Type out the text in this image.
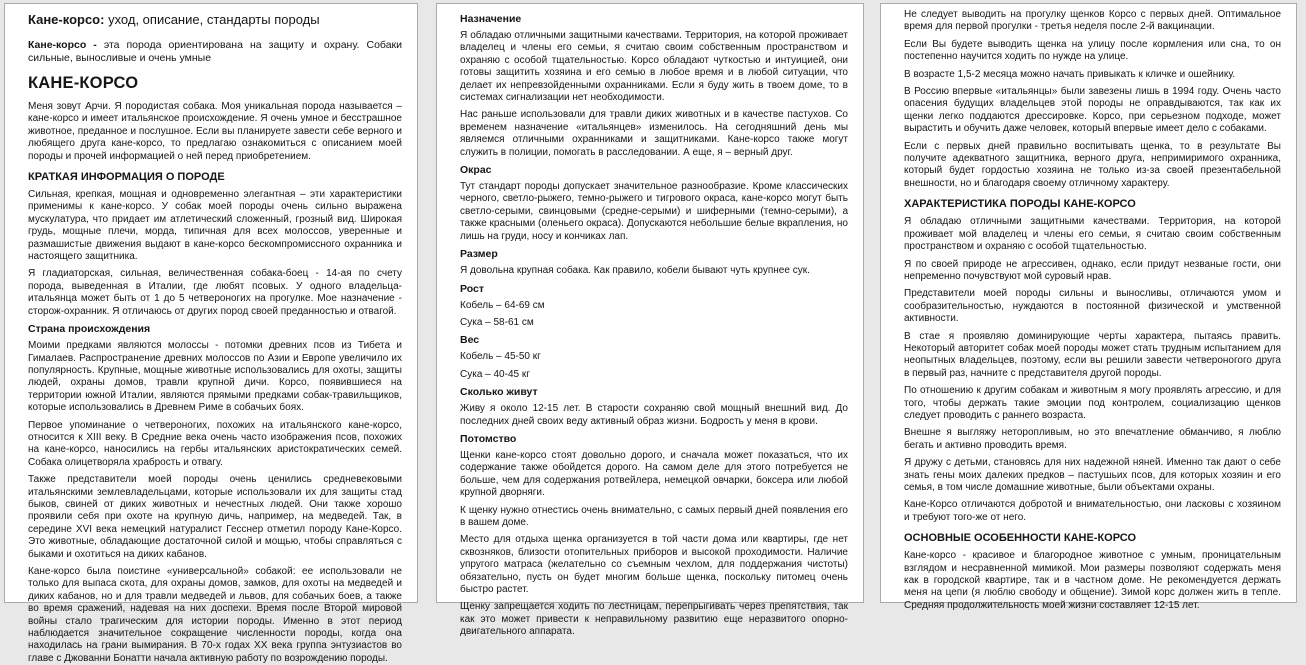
Кане-корсо: уход, описание, стандарты породы

Кане-корсо - эта порода ориентирована на защиту и охрану. Собаки сильные, выносливые и очень умные

КАНЕ-КОРСО

Меня зовут Арчи. Я породистая собака. Моя уникальная порода называется – кане-корсо и имеет итальянское происхождение. Я очень умное и бесстрашное животное, преданное и послушное. Если вы планируете завести себе верного и любящего друга кане-корсо, то предлагаю ознакомиться с описанием моей породы и прочей информацией о ней перед приобретением.

КРАТКАЯ ИНФОРМАЦИЯ О ПОРОДЕ

Сильная, крепкая, мощная и одновременно элегантная – эти характеристики применимы к кане-корсо. У собак моей породы очень сильно выражена мускулатура, что придает им атлетический сложенный, грозный вид. Широкая грудь, мощные плечи, морда, типичная для всех молоссов, уверенные и размашистые движения выдают в кане-корсо бескомпромиссного охранника и настоящего защитника.

Я гладиаторская, сильная, величественная собака-боец - 14-ая по счету порода, выведенная в Италии, где любят псовых. У одного владельца-итальянца может быть от 1 до 5 четвероногих на прогулке. Мое назначение - сторож-охранник. Я отличаюсь от других пород своей преданностью и отвагой.

Страна происхождения

Моими предками являются молоссы - потомки древних псов из Тибета и Гималаев. Распространение древних молоссов по Азии и Европе увеличило их популярность. Крупные, мощные животные использовались для охоты, защиты людей, охраны домов, травли крупной дичи. Корсо, появившиеся на территории южной Италии, являются прямыми предками собак-травильщиков, которые использовались в Древнем Риме в собачьих боях.

Первое упоминание о четвероногих, похожих на итальянского кане-корсо, относится к XIII веку. В Средние века очень часто изображения псов, похожих на кане-корсо, наносились на гербы итальянских аристократических семей. Собака олицетворяла храбрость и отвагу.

Также представители моей породы очень ценились средневековыми итальянскими землевладельцами, которые использовали их для защиты стад быков, свиней от диких животных и нечестных людей. Они также хорошо проявили себя при охоте на крупную дичь, например, на медведей. Так, в середине XVI века немецкий натуралист Гесснер отметил породу Кане-Корсо. Это животные, обладающие достаточной силой и мощью, чтобы справляться с быками и охотиться на диких кабанов.

Кане-корсо была поистине «универсальной» собакой: ее использовали не только для выпаса скота, для охраны домов, замков, для охоты на медведей и диких кабанов, но и для травли медведей и львов, для собачьих боев, а также во время сражений, надевая на них доспехи. Время после Второй мировой войны стало трагическим для истории породы. Именно в этот период наблюдается значительное сокращение численности породы, когда она находилась на грани вымирания. В 70-х годах XX века группа энтузиастов во главе с Джованни Бонатти начала активную работу по возрождению породы.

Назначение

Я обладаю отличными защитными качествами. Территория, на которой проживает владелец и члены его семьи, я считаю своим собственным пространством и охраняю с особой тщательностью. Корсо обладают чуткостью и интуицией, они готовы защитить хозяина и его семью в любое время и в любой ситуации, что делает их непревзойденными охранниками. Если я буду жить в твоем доме, то в системах сигнализации нет необходимости.

Нас раньше использовали для травли диких животных и в качестве пастухов. Со временем назначение «итальянцев» изменилось. На сегодняшний день мы являемся отличными охранниками и защитниками. Кане-корсо также могут служить в полиции, помогать в расследовании. А еще, я – верный друг.

Окрас

Тут стандарт породы допускает значительное разнообразие. Кроме классических черного, светло-рыжего, темно-рыжего и тигрового окраса, кане-корсо могут быть светло-серыми, свинцовыми (средне-серыми) и шиферными (темно-серыми), а также красными (оленьего окраса). Допускаются небольшие белые вкрапления, но лишь на груди, носу и кончиках лап.

Размер

Я довольна крупная собака. Как правило, кобели бывают чуть крупнее сук.

Рост

Кобель – 64-69 см

Сука – 58-61 см

Вес

Кобель – 45-50 кг

Сука – 40-45 кг

Сколько живут

Живу я около 12-15 лет. В старости сохраняю свой мощный внешний вид. До последних дней своих веду активный образ жизни. Бодрость у меня в крови.

Потомство

Щенки кане-корсо стоят довольно дорого, и сначала может показаться, что их содержание также обойдется дорого. На самом деле для этого потребуется не больше, чем для содержания ротвейлера, немецкой овчарки, боксера или любой крупной дворняги.

К щенку нужно отнестись очень внимательно, с самых первый дней появления его в вашем доме.

Место для отдыха щенка организуется в той части дома или квартиры, где нет сквозняков, близости отопительных приборов и высокой проходимости. Наличие упругого матраса (желательно со съемным чехлом, для поддержания чистоты) обязательно, пусть он будет многим больше щенка, поскольку питомец очень быстро растет.

Щенку запрещается ходить по лестницам, перепрыгивать через препятствия, так как это может привести к неправильному развитию еще неразвитого опорно-двигательного аппарата.

Не следует выводить на прогулку щенков Корсо с первых дней. Оптимальное время для первой прогулки - третья неделя после 2-й вакцинации.

Если Вы будете выводить щенка на улицу после кормления или сна, то он постепенно научится ходить по нужде на улице.

В возрасте 1,5-2 месяца можно начать привыкать к кличке и ошейнику.

В Россию впервые «итальянцы» были завезены лишь в 1994 году. Очень часто опасения будущих владельцев этой породы не оправдываются, так как их щенки легко поддаются дрессировке. Корсо, при серьезном подходе, может вырастить и обучить даже человек, который впервые имеет дело с собаками.

Если с первых дней правильно воспитывать щенка, то в результате Вы получите адекватного защитника, верного друга, непримиримого охранника, который будет гордостью хозяина не только из-за своей презентабельной внешности, но и благодаря своему отличному характеру.

ХАРАКТЕРИСТИКА ПОРОДЫ КАНЕ-КОРСО

Я обладаю отличными защитными качествами. Территория, на которой проживает мой владелец и члены его семьи, я считаю своим собственным пространством и охраняю с особой тщательностью.

Я по своей природе не агрессивен, однако, если придут незваные гости, они непременно почувствуют мой суровый нрав.

Представители моей породы сильны и выносливы, отличаются умом и сообразительностью, нуждаются в постоянной физической и умственной активности.

В стае я проявляю доминирующие черты характера, пытаясь править. Некоторый авторитет собак моей породы может стать трудным испытанием для неопытных владельцев, поэтому, если вы решили завести четвероногого друга в первый раз, начните с представителя другой породы.

По отношению к другим собакам и животным я могу проявлять агрессию, и для того, чтобы держать такие эмоции под контролем, социализацию щенков следует проводить с раннего возраста.

Внешне я выгляжу неторопливым, но это впечатление обманчиво, я люблю бегать и активно проводить время.

Я дружу с детьми, становясь для них надежной няней. Именно так дают о себе знать гены моих далеких предков – пастушьих псов, для которых хозяин и его семья, в том числе домашние животные, были объектами охраны.

Кане-Корсо отличаются добротой и внимательностью, они ласковы с хозяином и требуют того-же от него.

ОСНОВНЫЕ ОСОБЕННОСТИ КАНЕ-КОРСО

Кане-корсо - красивое и благородное животное с умным, проницательным взглядом и несравненной мимикой. Мои размеры позволяют содержать меня как в городской квартире, так и в частном доме. Не рекомендуется держать меня на цепи (я люблю свободу и общение). Зимой корс должен жить в тепле. Средняя продолжительность моей жизни составляет 12-15 лет.
